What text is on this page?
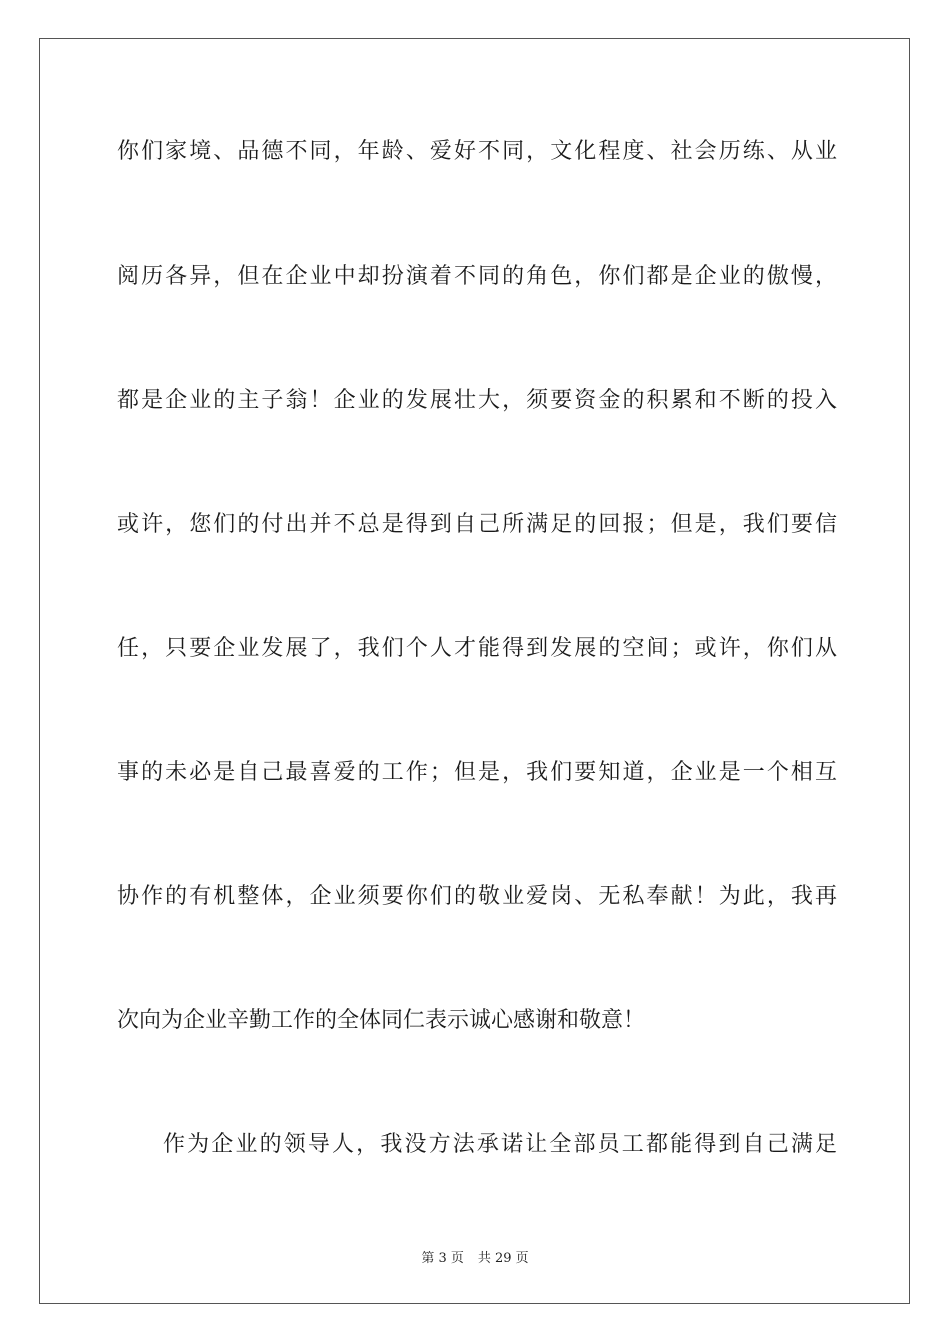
你们家境、品德不同，年龄、爱好不同，文化程度、社会历练、从业
阅历各异，但在企业中却扮演着不同的角色，你们都是企业的傲慢，
都是企业的主子翁！企业的发展壮大，须要资金的积累和不断的投入
或许，您们的付出并不总是得到自己所满足的回报；但是，我们要信
任，只要企业发展了，我们个人才能得到发展的空间；或许，你们从
事的未必是自己最喜爱的工作；但是，我们要知道，企业是一个相互
协作的有机整体，企业须要你们的敬业爱岗、无私奉献！为此，我再
次向为企业辛勤工作的全体同仁表示诚心感谢和敬意！
作为企业的领导人，我没方法承诺让全部员工都能得到自己满足
第 3 页 共 29 页
